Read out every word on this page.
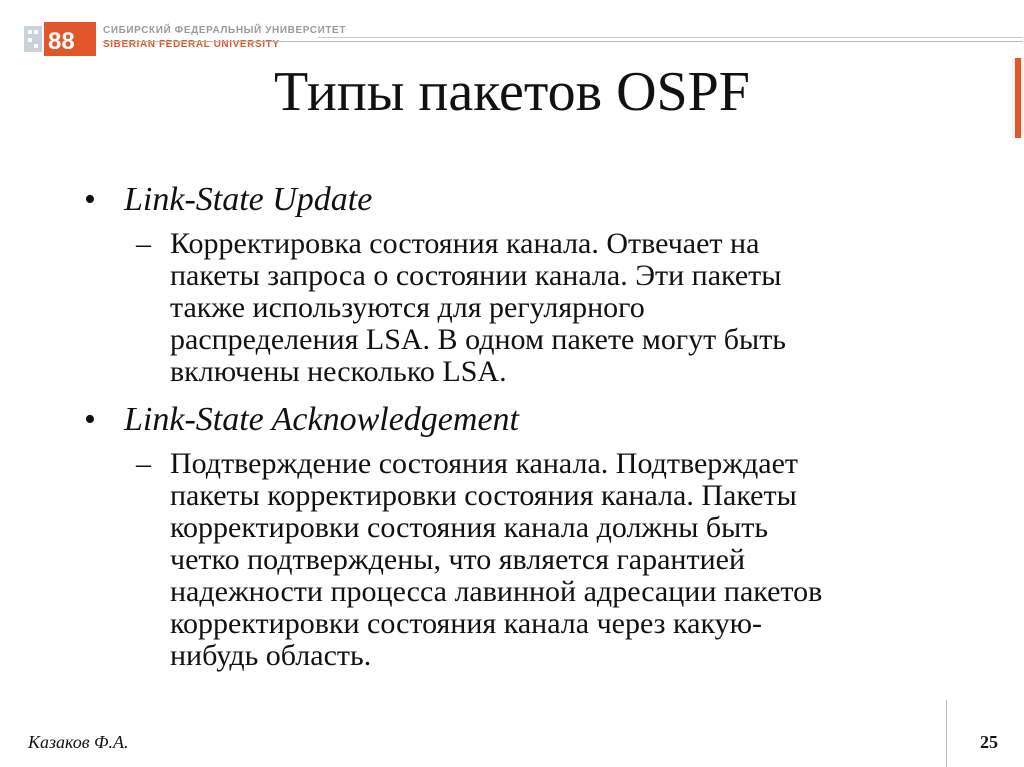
88	СИБИРСКИЙ ФЕДЕРАЛЬНЫЙ УНИВЕРСИТЕТ
SIBERIAN FEDERAL UNIVERSITY
Типы пакетов OSPF
• Link-State Update
– Корректировка состояния канала. Отвечает на
пакеты запроса о состоянии канала. Эти пакеты
также используются для регулярного
распределения LSA. В одном пакете могут быть
включены несколько LSA.
• Link-State Acknowledgement
– Подтверждение состояния канала. Подтверждает
пакеты корректировки состояния канала. Пакеты
корректировки состояния канала должны быть
четко подтверждены, что является гарантией
надежности процесса лавинной адресации пакетов
корректировки состояния канала через какую-
нибудь область.
Казаков Ф.А.	25
